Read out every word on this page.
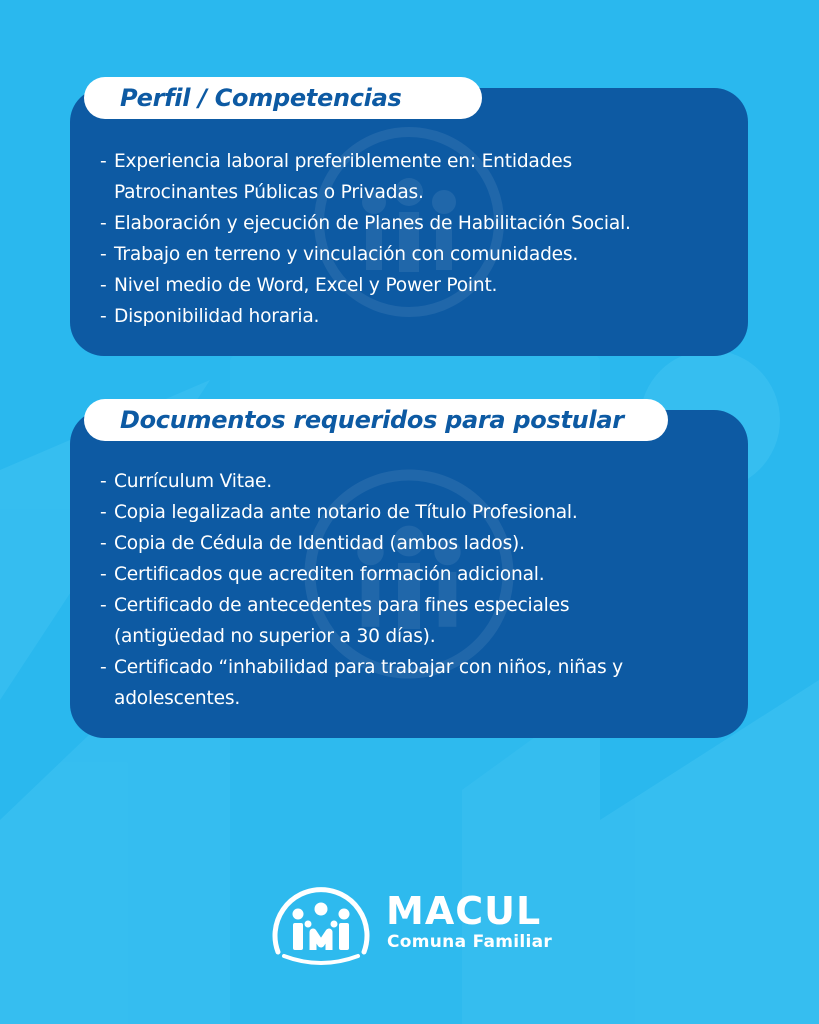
- Experiencia laboral preferiblemente en: Entidades
Patrocinantes Públicas o Privadas.
- Elaboración y ejecución de Planes de Habilitación Social.
- Trabajo en terreno y vinculación con comunidades.
- Nivel medio de Word, Excel y Power Point.
- Disponibilidad horaria.
Perfil / Competencias
- Currículum Vitae.
- Copia legalizada ante notario de Título Profesional.
- Copia de Cédula de Identidad (ambos lados).
- Certificados que acrediten formación adicional.
- Certificado de antecedentes para fines especiales
(antigüedad no superior a 30 días).
- Certificado “inhabilidad para trabajar con niños, niñas y
adolescentes.
Documentos requeridos para postular
MACUL
Comuna Familiar
